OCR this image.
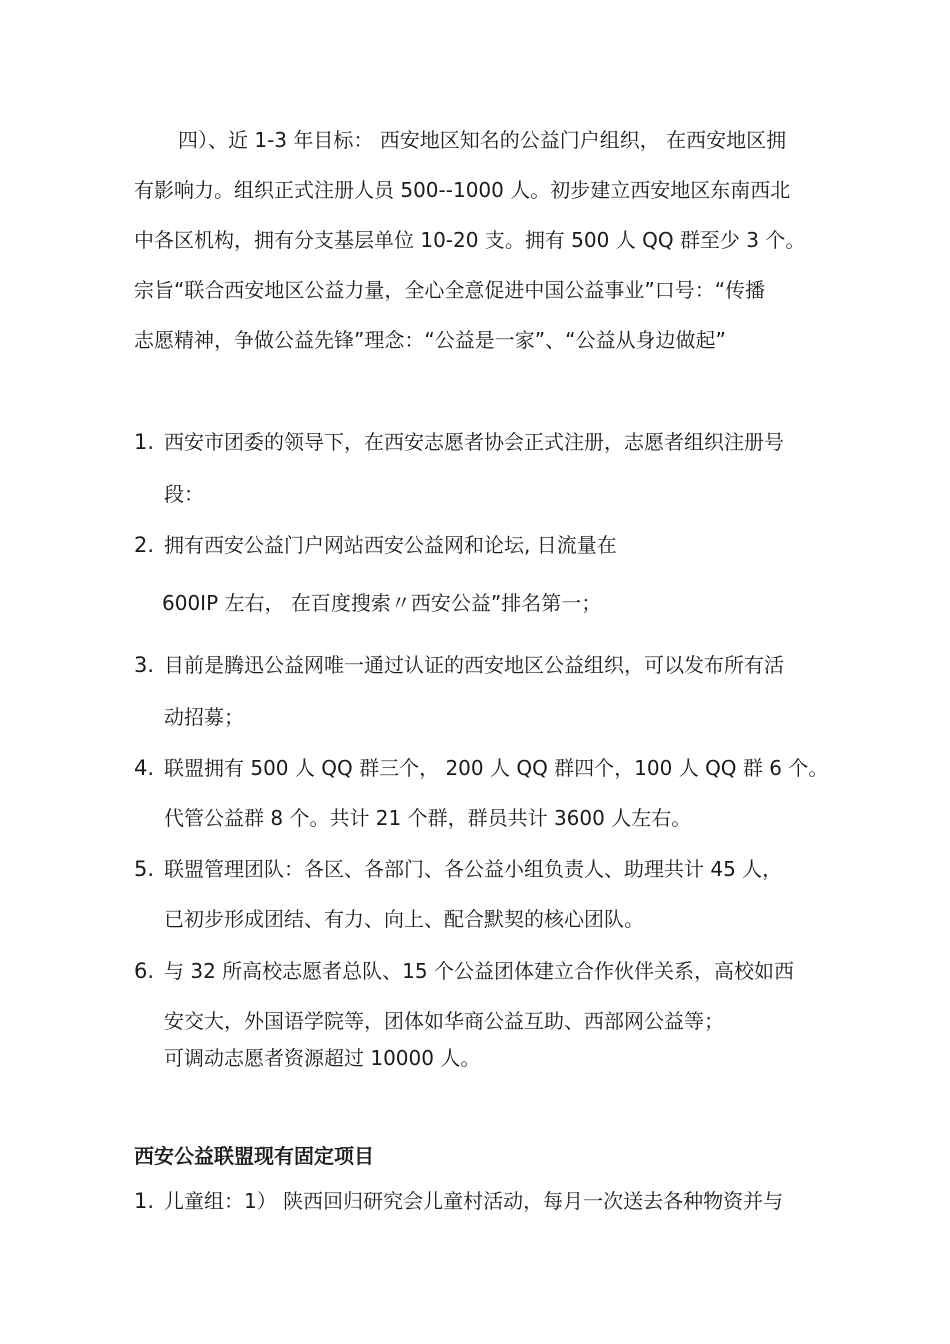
四）、近 1-3 年目标： 西安地区知名的公益门户组织， 在西安地区拥
有影响力。组织正式注册人员 500--1000 人。初步建立西安地区东南西北
中各区机构，拥有分支基层单位 10-20 支。拥有 500 人 QQ 群至少 3 个。
宗旨“联合西安地区公益力量，全心全意促进中国公益事业”口号：“传播
志愿精神，争做公益先锋”理念：“公益是一家”、“公益从身边做起”
1. 西安市团委的领导下，在西安志愿者协会正式注册，志愿者组织注册号
段：
2. 拥有西安公益门户网站西安公益网和论坛, 日流量在
600IP 左右， 在百度搜索〃西安公益”排名第一；
3. 目前是腾迅公益网唯一通过认证的西安地区公益组织，可以发布所有活
动招募；
4. 联盟拥有 500 人 QQ 群三个， 200 人 QQ 群四个，100 人 QQ 群 6 个。
代管公益群 8 个。共计 21 个群，群员共计 3600 人左右。
5. 联盟管理团队：各区、各部门、各公益小组负责人、助理共计 45 人，
已初步形成团结、有力、向上、配合默契的核心团队。
6. 与 32 所高校志愿者总队、15 个公益团体建立合作伙伴关系，高校如西
安交大，外国语学院等，团体如华商公益互助、西部网公益等；
可调动志愿者资源超过 10000 人。
西安公益联盟现有固定项目
1. 儿童组：1） 陕西回归研究会儿童村活动，每月一次送去各种物资并与
